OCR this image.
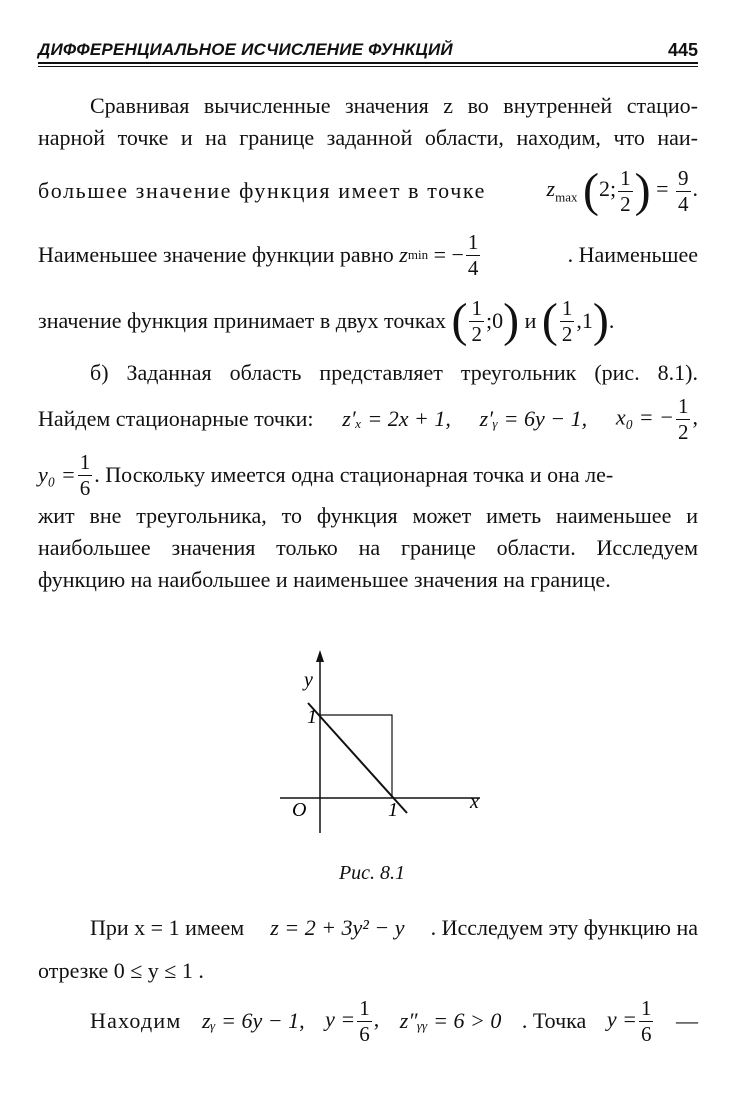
ДИФФЕРЕНЦИАЛЬНОЕ ИСЧИСЛЕНИЕ ФУНКЦИЙ	445
Сравнивая вычисленные значения z во внутренней стацио-
нарной точке и на границе заданной области, находим, что наи-
большее значение функция имеет в точке	$z_{max}$ (2; $\frac{1}{2}$ ) = $\frac{9}{4}$ .
Наименьшее значение функции равно
z min
= − $\frac{1}{4}$	. Наименьшее
значение функция принимает в двух точках
( $\frac{1}{2}$ ;0 )
и
( $\frac{1}{2} ,1$ ) .
б) Заданная область представляет треугольник (рис. 8.1).
Найдем стационарные точки: z′ₓ = 2x + 1, z′ᵧ = 6y − 1, x₀ = − $\frac{1}{2}$ ,
$y_0 = \frac{1}{6}$ . Поскольку имеется одна стационарная точка и она ле-
жит вне треугольника, то функция может иметь наименьшее и
наибольшее значения только на границе области. Исследуем
функцию на наибольшее и наименьшее значения на границе.
y
x
O
1
1
Рис. 8.1
При x = 1 имеем z = 2 + 3y² − y . Исследуем эту функцию на
отрезке 0 ≤ y ≤ 1 .
Находим zᵧ = 6y − 1, $y = \frac{1}{6}$ , z″ᵧᵧ = 6 > 0 . Точка $y = \frac{1}{6}$ —
